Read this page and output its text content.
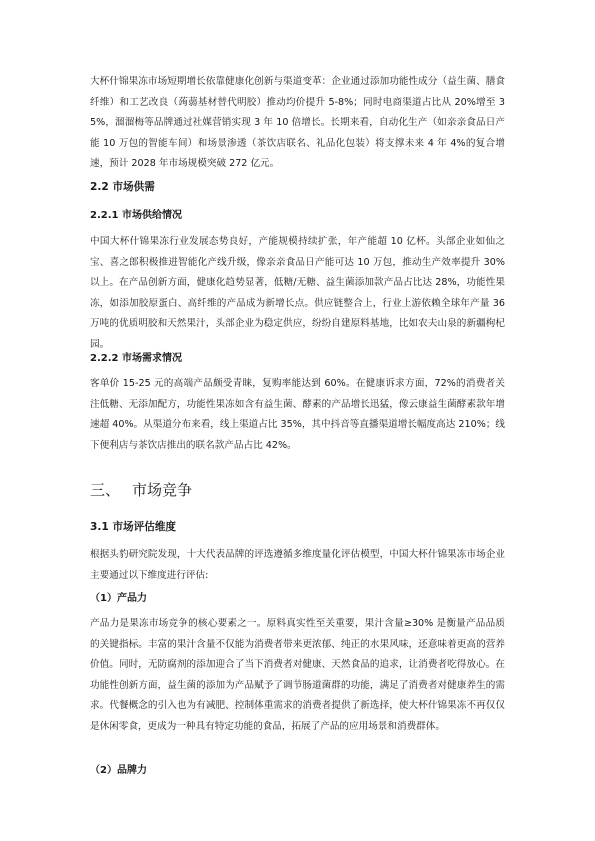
大杯什锦果冻市场短期增长依靠健康化创新与渠道变革：企业通过添加功能性成分（益生菌、膳食纤维）和工艺改良（蒟蒻基材替代明胶）推动均价提升 5-8%；同时电商渠道占比从 20%增至 35%，溜溜梅等品牌通过社媒营销实现 3 年 10 倍增长。长期来看，自动化生产（如亲亲食品日产能 10 万包的智能车间）和场景渗透（茶饮店联名、礼品化包装）将支撑未来 4 年 4%的复合增速，预计 2028 年市场规模突破 272 亿元。

2.2 市场供需
2.2.1 市场供给情况

中国大杯什锦果冻行业发展态势良好，产能规模持续扩张，年产能超 10 亿杯。头部企业如仙之宝、喜之郎积极推进智能化产线升级，像亲亲食品日产能可达 10 万包，推动生产效率提升 30%以上。在产品创新方面，健康化趋势显著，低糖/无糖、益生菌添加款产品占比达 28%，功能性果冻，如添加胶原蛋白、高纤维的产品成为新增长点。供应链整合上，行业上游依赖全球年产量 36 万吨的优质明胶和天然果汁，头部企业为稳定供应，纷纷自建原料基地，比如农夫山泉的新疆枸杞园。

2.2.2 市场需求情况

客单价 15-25 元的高端产品颇受青睐，复购率能达到 60%。在健康诉求方面，72%的消费者关注低糖、无添加配方，功能性果冻如含有益生菌、酵素的产品增长迅猛，像云康益生菌酵素款年增速超 40%。从渠道分布来看，线上渠道占比 35%，其中抖音等直播渠道增长幅度高达 210%；线下便利店与茶饮店推出的联名款产品占比 42%。

三、 市场竞争
3.1 市场评估维度

根据头豹研究院发现，十大代表品牌的评选遵循多维度量化评估模型，中国大杯什锦果冻市场企业主要通过以下维度进行评估:

（1）产品力

产品力是果冻市场竞争的核心要素之一。原料真实性至关重要，果汁含量≥30% 是衡量产品品质的关键指标。丰富的果汁含量不仅能为消费者带来更浓郁、纯正的水果风味，还意味着更高的营养价值。同时，无防腐剂的添加迎合了当下消费者对健康、天然食品的追求，让消费者吃得放心。在功能性创新方面，益生菌的添加为产品赋予了调节肠道菌群的功能，满足了消费者对健康养生的需求。代餐概念的引入也为有减肥、控制体重需求的消费者提供了新选择，使大杯什锦果冻不再仅仅是休闲零食，更成为一种具有特定功能的食品，拓展了产品的应用场景和消费群体。

（2）品牌力
